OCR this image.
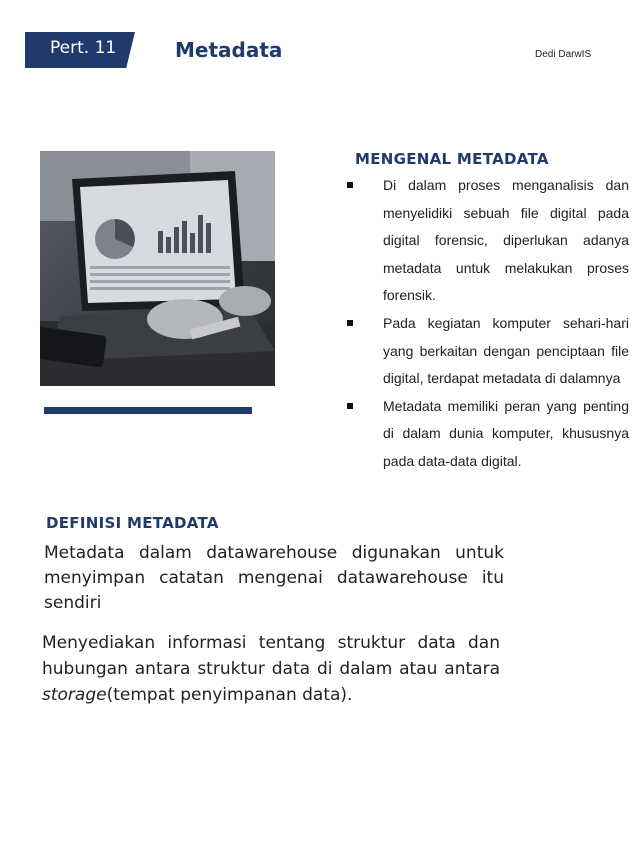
Pert. 11	Metadata	Dedi DarwIS
MENGENAL METADATA
Di dalam proses menganalisis dan menyelidiki sebuah file digital pada digital forensic, diperlukan adanya metadata untuk melakukan proses forensik.
Pada kegiatan komputer sehari-hari yang berkaitan dengan penciptaan file digital, terdapat metadata di dalamnya
Metadata memiliki peran yang penting di dalam dunia komputer, khususnya pada data-data digital.
DEFINISI METADATA

Metadata dalam datawarehouse digunakan untuk menyimpan catatan mengenai datawarehouse itu sendiri

Menyediakan informasi tentang struktur data dan hubungan antara struktur data di dalam atau antara storage(tempat penyimpanan data).
